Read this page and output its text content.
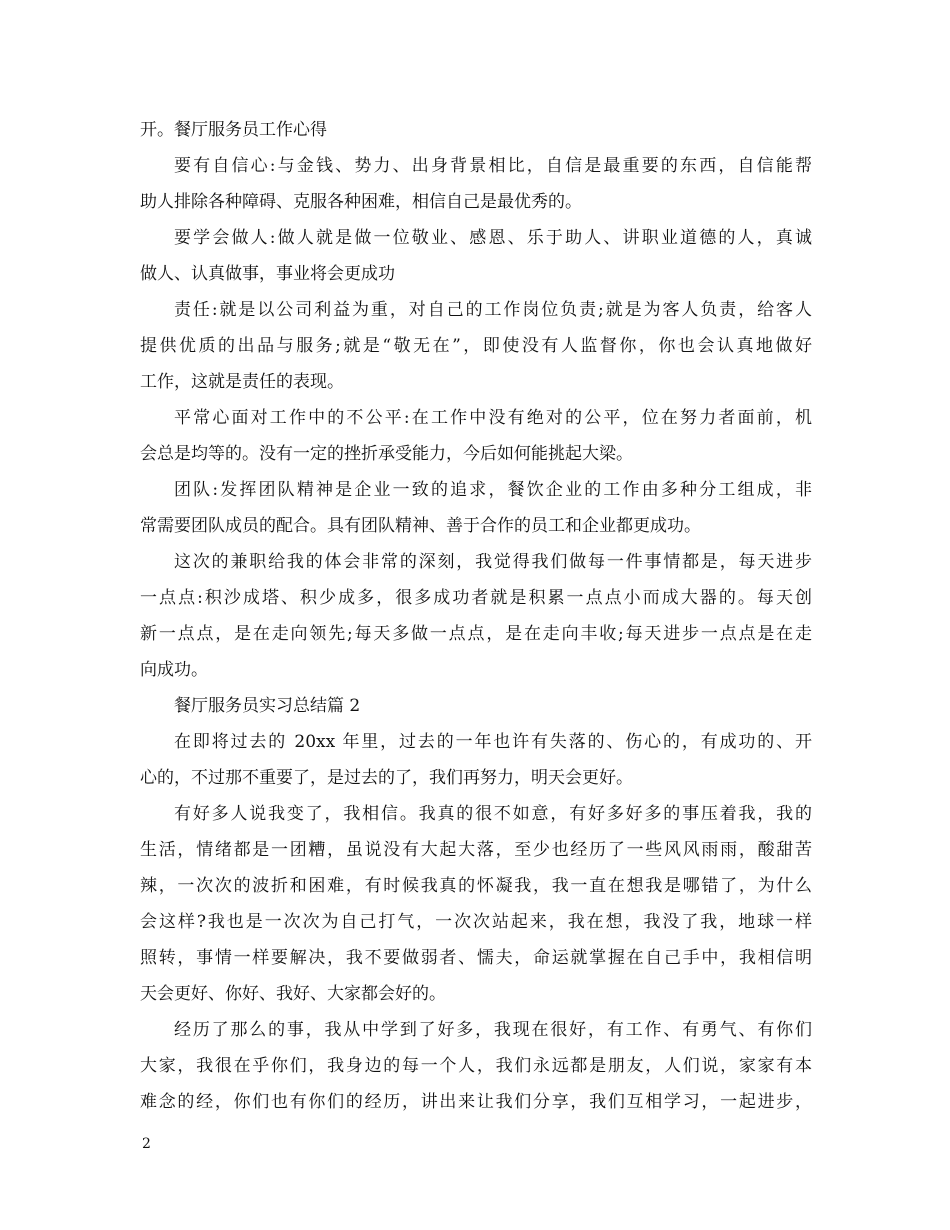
开。餐厅服务员工作心得
要有自信心:与金钱、势力、出身背景相比，自信是最重要的东西，自信能帮
助人排除各种障碍、克服各种困难，相信自己是最优秀的。
要学会做人:做人就是做一位敬业、感恩、乐于助人、讲职业道德的人，真诚
做人、认真做事，事业将会更成功
责任:就是以公司利益为重，对自己的工作岗位负责;就是为客人负责，给客人
提供优质的出品与服务;就是“敬无在”，即使没有人监督你，你也会认真地做好
工作，这就是责任的表现。
平常心面对工作中的不公平:在工作中没有绝对的公平，位在努力者面前，机
会总是均等的。没有一定的挫折承受能力，今后如何能挑起大梁。
团队:发挥团队精神是企业一致的追求，餐饮企业的工作由多种分工组成，非
常需要团队成员的配合。具有团队精神、善于合作的员工和企业都更成功。
这次的兼职给我的体会非常的深刻，我觉得我们做每一件事情都是，每天进步
一点点:积沙成塔、积少成多，很多成功者就是积累一点点小而成大器的。每天创
新一点点，是在走向领先;每天多做一点点，是在走向丰收;每天进步一点点是在走
向成功。
餐厅服务员实习总结篇 2
在即将过去的 20xx 年里，过去的一年也许有失落的、伤心的，有成功的、开
心的，不过那不重要了，是过去的了，我们再努力，明天会更好。
有好多人说我变了，我相信。我真的很不如意，有好多好多的事压着我，我的
生活，情绪都是一团糟，虽说没有大起大落，至少也经历了一些风风雨雨，酸甜苦
辣，一次次的波折和困难，有时候我真的怀凝我，我一直在想我是哪错了，为什么
会这样?我也是一次次为自己打气，一次次站起来，我在想，我没了我，地球一样
照转，事情一样要解决，我不要做弱者、懦夫，命运就掌握在自己手中，我相信明
天会更好、你好、我好、大家都会好的。
经历了那么的事，我从中学到了好多，我现在很好，有工作、有勇气、有你们
大家，我很在乎你们，我身边的每一个人，我们永远都是朋友，人们说，家家有本
难念的经，你们也有你们的经历，讲出来让我们分享，我们互相学习，一起进步，
2
